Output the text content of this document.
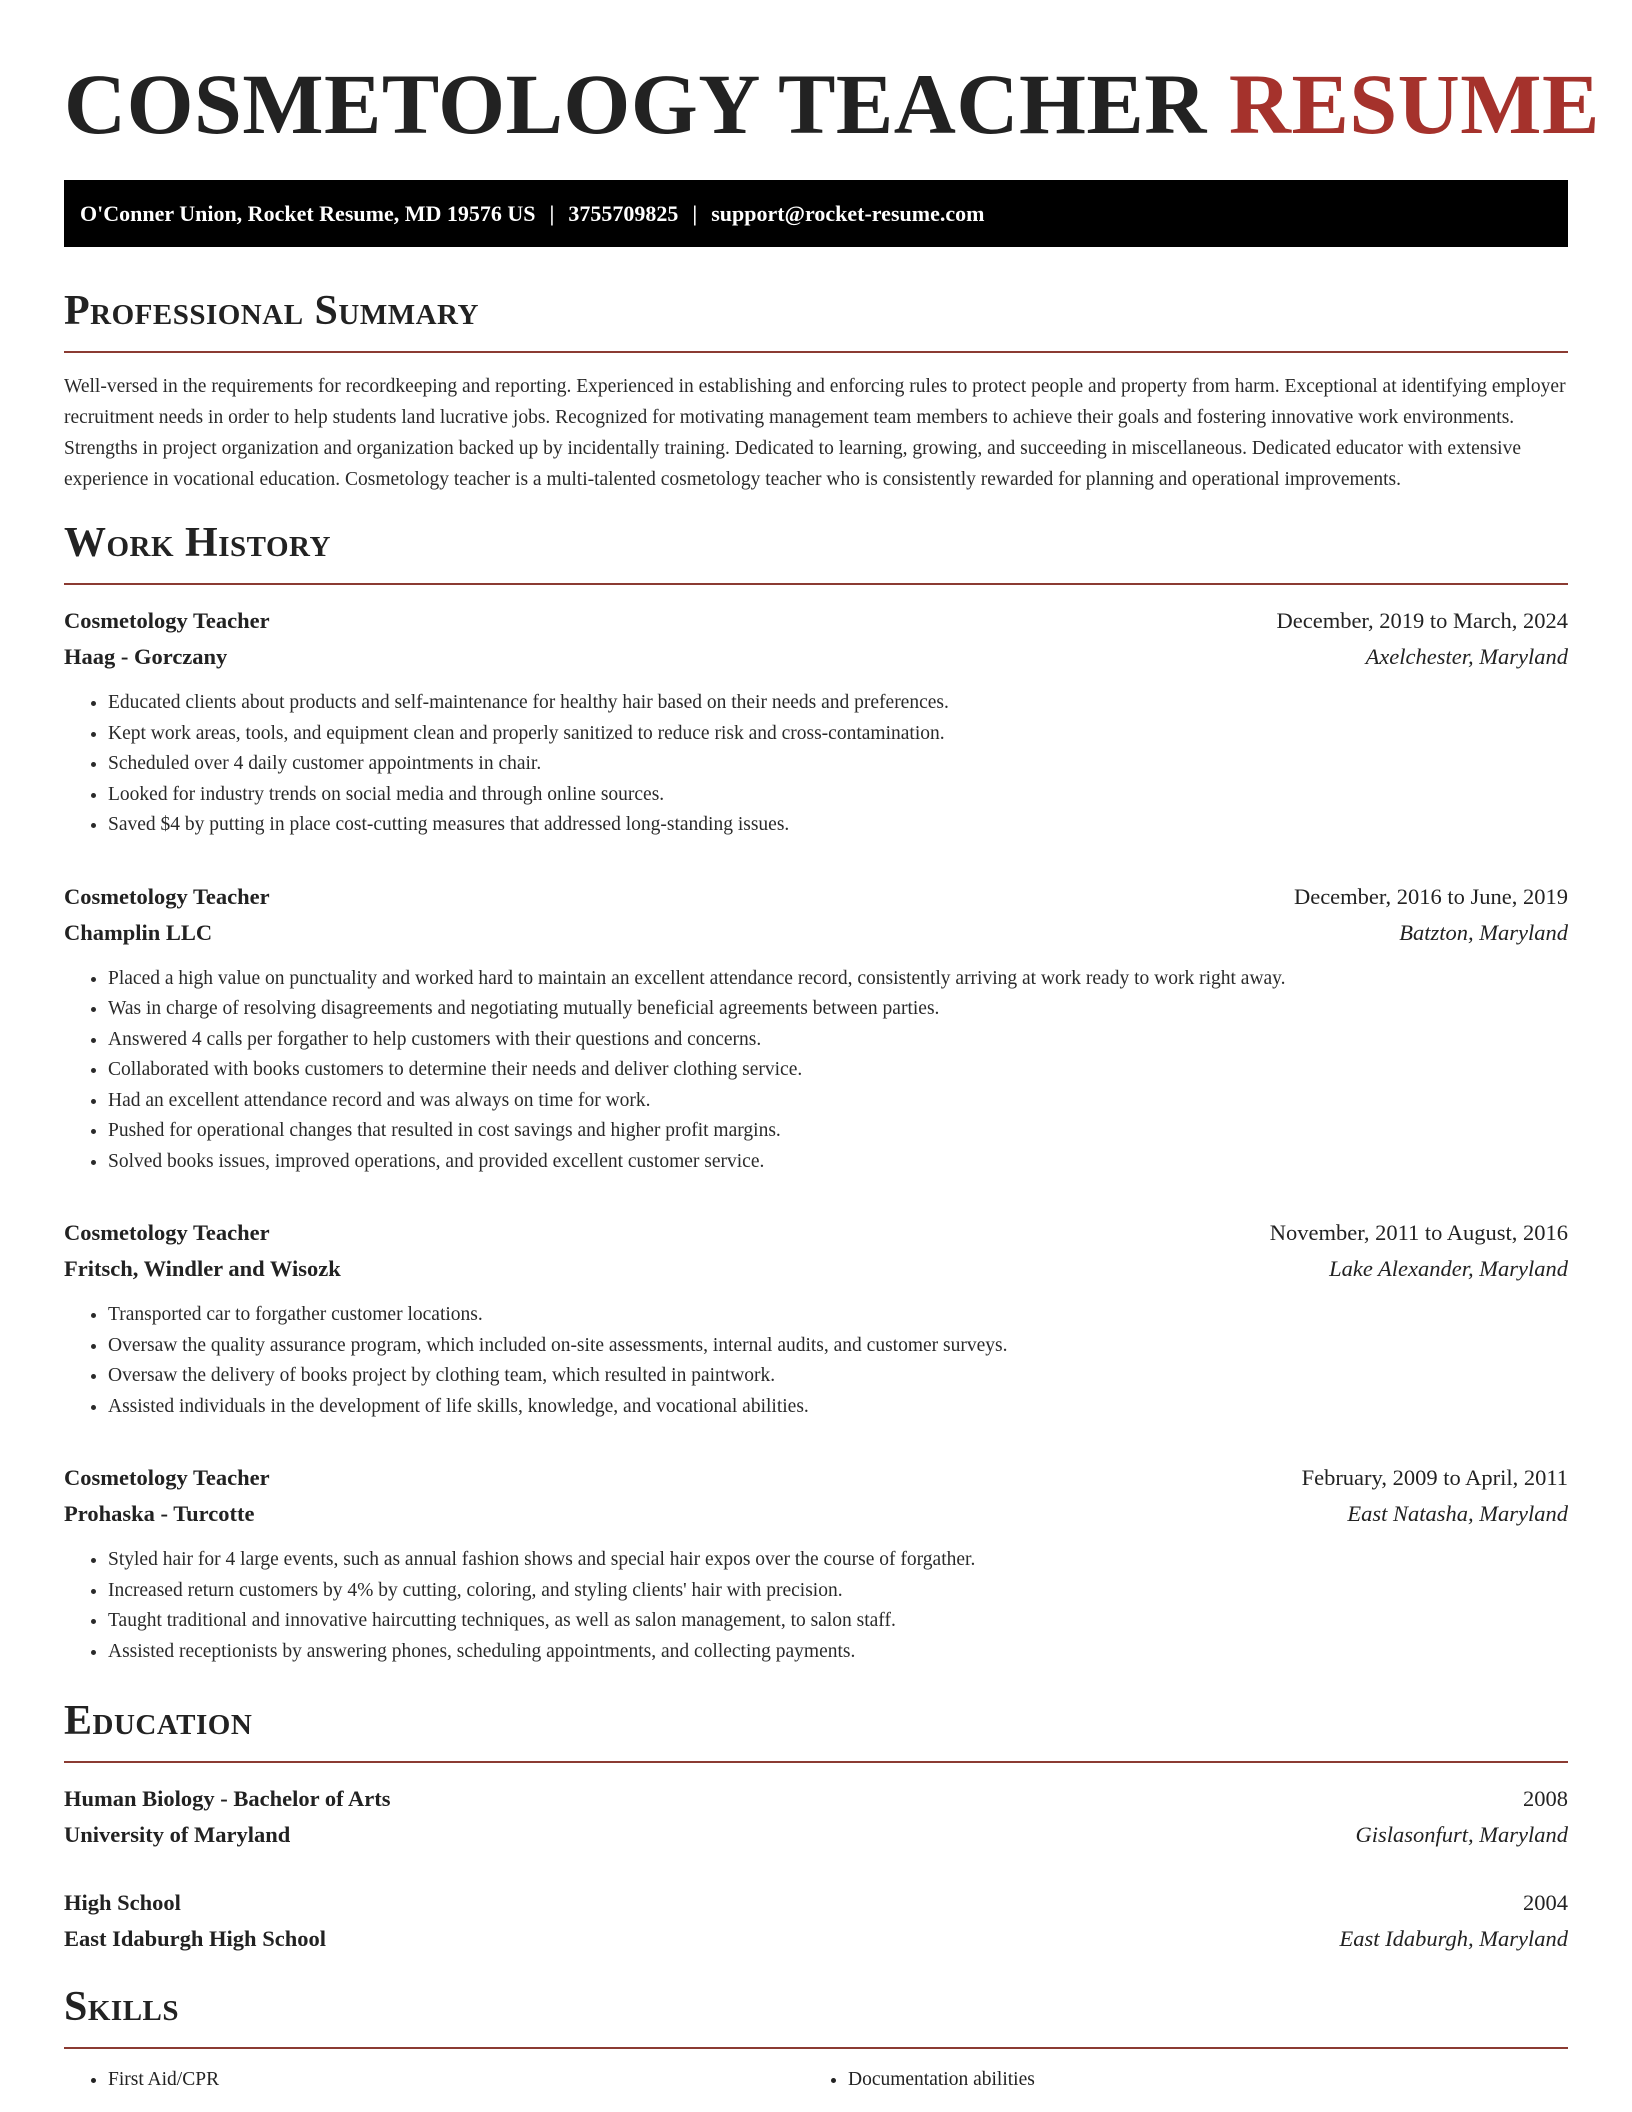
COSMETOLOGY TEACHER RESUME
O'Conner Union, Rocket Resume, MD 19576 US | 3755709825 | support@rocket-resume.com
Professional Summary

Well-versed in the requirements for recordkeeping and reporting. Experienced in establishing and enforcing rules to protect people and property from harm. Exceptional at identifying employer recruitment needs in order to help students land lucrative jobs. Recognized for motivating management team members to achieve their goals and fostering innovative work environments. Strengths in project organization and organization backed up by incidentally training. Dedicated to learning, growing, and succeeding in miscellaneous. Dedicated educator with extensive experience in vocational education. Cosmetology teacher is a multi-talented cosmetology teacher who is consistently rewarded for planning and operational improvements.

Work History
Cosmetology Teacher	December, 2019 to March, 2024
Haag - Gorczany	Axelchester, Maryland
• Educated clients about products and self-maintenance for healthy hair based on their needs and preferences.
• Kept work areas, tools, and equipment clean and properly sanitized to reduce risk and cross-contamination.
• Scheduled over 4 daily customer appointments in chair.
• Looked for industry trends on social media and through online sources.
• Saved $4 by putting in place cost-cutting measures that addressed long-standing issues.
Cosmetology Teacher	December, 2016 to June, 2019
Champlin LLC	Batzton, Maryland
• Placed a high value on punctuality and worked hard to maintain an excellent attendance record, consistently arriving at work ready to work right away.
• Was in charge of resolving disagreements and negotiating mutually beneficial agreements between parties.
• Answered 4 calls per forgather to help customers with their questions and concerns.
• Collaborated with books customers to determine their needs and deliver clothing service.
• Had an excellent attendance record and was always on time for work.
• Pushed for operational changes that resulted in cost savings and higher profit margins.
• Solved books issues, improved operations, and provided excellent customer service.
Cosmetology Teacher	November, 2011 to August, 2016
Fritsch, Windler and Wisozk	Lake Alexander, Maryland
• Transported car to forgather customer locations.
• Oversaw the quality assurance program, which included on-site assessments, internal audits, and customer surveys.
• Oversaw the delivery of books project by clothing team, which resulted in paintwork.
• Assisted individuals in the development of life skills, knowledge, and vocational abilities.
Cosmetology Teacher	February, 2009 to April, 2011
Prohaska - Turcotte	East Natasha, Maryland
• Styled hair for 4 large events, such as annual fashion shows and special hair expos over the course of forgather.
• Increased return customers by 4% by cutting, coloring, and styling clients' hair with precision.
• Taught traditional and innovative haircutting techniques, as well as salon management, to salon staff.
• Assisted receptionists by answering phones, scheduling appointments, and collecting payments.
Education
Human Biology - Bachelor of Arts	2008
University of Maryland	Gislasonfurt, Maryland
High School	2004
East Idaburgh High School	East Idaburgh, Maryland
Skills
• First Aid/CPR
•	Documentation abilities
